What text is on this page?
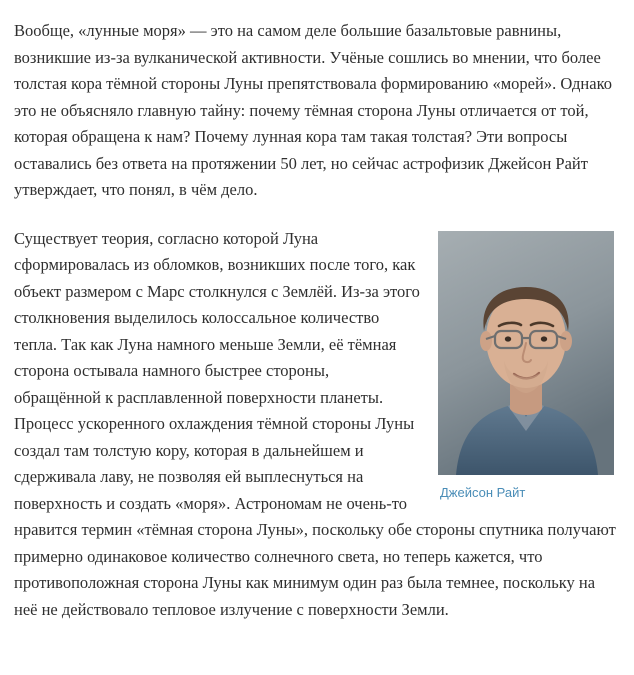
Вообще, «лунные моря» — это на самом деле большие базальтовые равнины, возникшие из-за вулканической активности. Учёные сошлись во мнении, что более толстая кора тёмной стороны Луны препятствовала формированию «морей». Однако это не объясняло главную тайну: почему тёмная сторона Луны отличается от той, которая обращена к нам? Почему лунная кора там такая толстая? Эти вопросы оставались без ответа на протяжении 50 лет, но сейчас астрофизик Джейсон Райт утверждает, что понял, в чём дело.

Джейсон Райт

Существует теория, согласно которой Луна сформировалась из обломков, возникших после того, как объект размером с Марс столкнулся с Землёй. Из-за этого столкновения выделилось колоссальное количество тепла. Так как Луна намного меньше Земли, её тёмная сторона остывала намного быстрее стороны, обращённой к расплавленной поверхности планеты. Процесс ускоренного охлаждения тёмной стороны Луны создал там толстую кору, которая в дальнейшем и сдерживала лаву, не позволяя ей выплеснуться на поверхность и создать «моря». Астрономам не очень-то нравится термин «тёмная сторона Луны», поскольку обе стороны спутника получают примерно одинаковое количество солнечного света, но теперь кажется, что противоположная сторона Луны как минимум один раз была темнее, поскольку на неё не действовало тепловое излучение с поверхности Земли.
